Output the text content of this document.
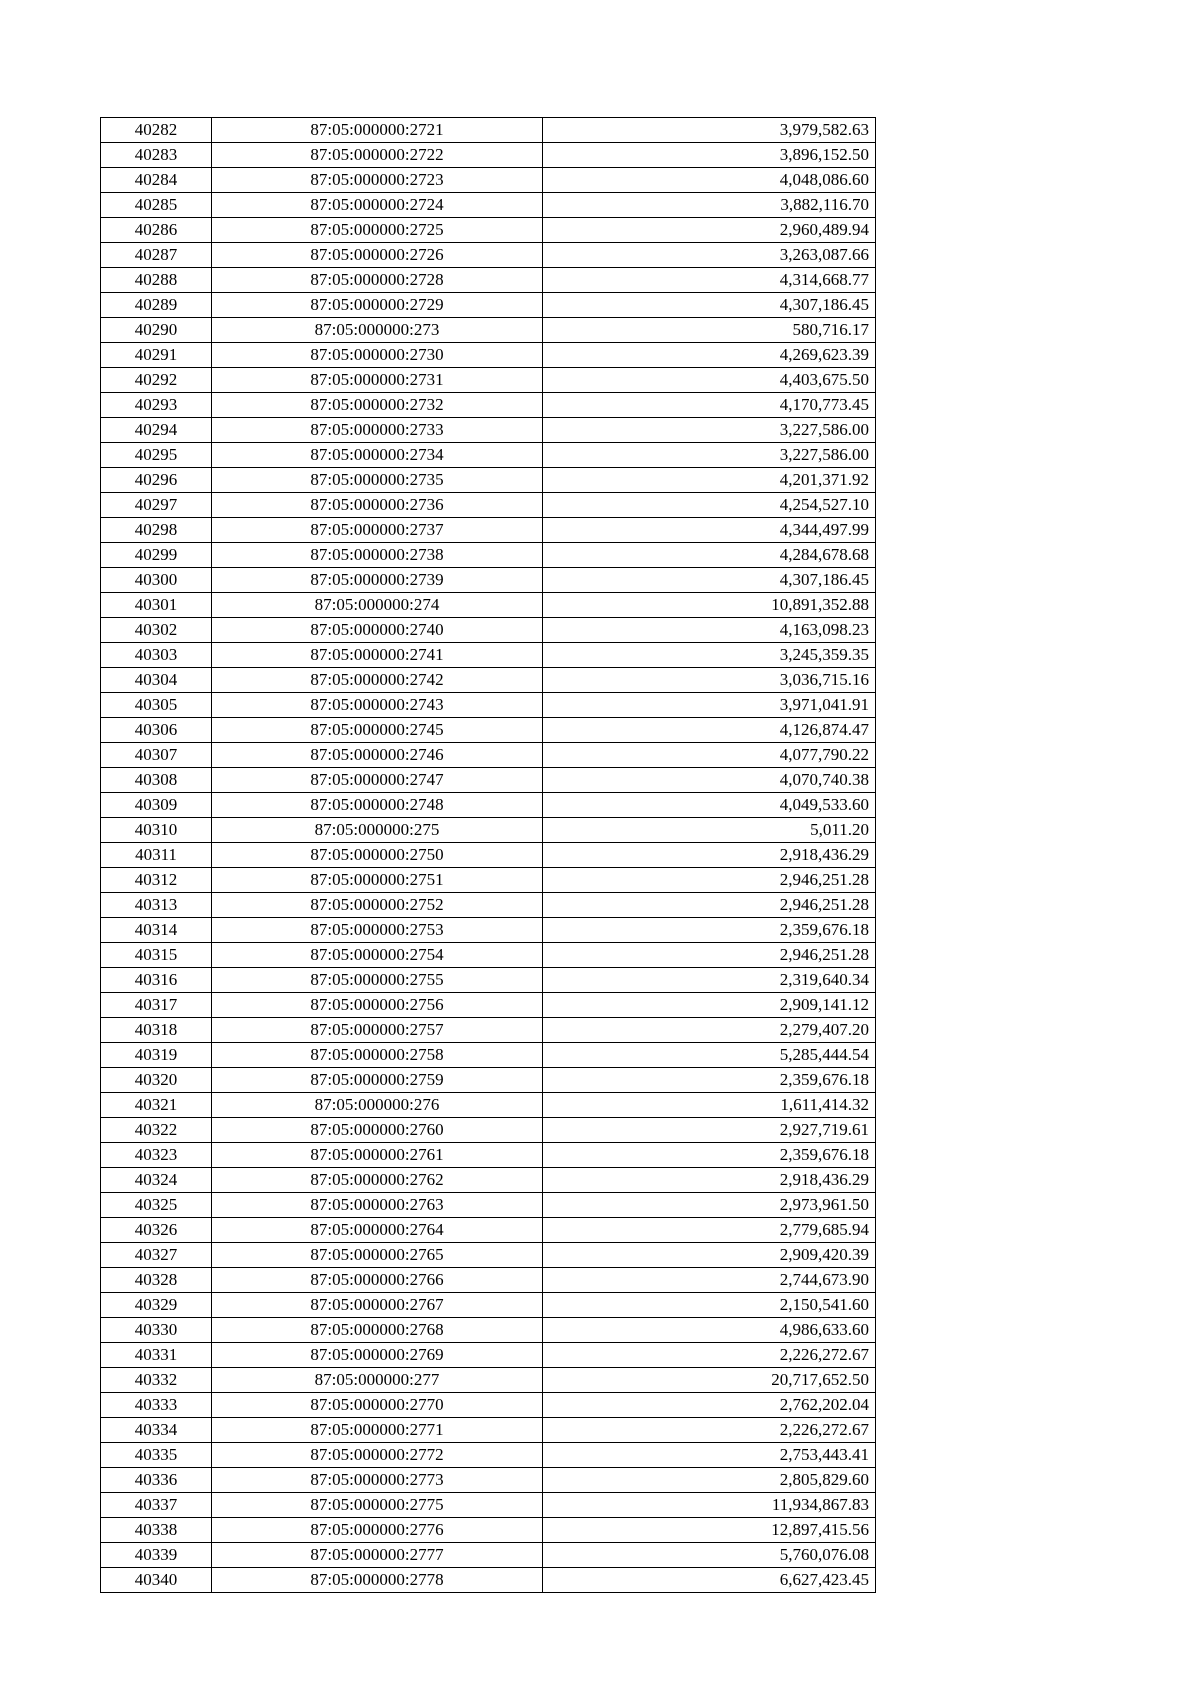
40282	87:05:000000:2721	3,979,582.63
40283	87:05:000000:2722	3,896,152.50
40284	87:05:000000:2723	4,048,086.60
40285	87:05:000000:2724	3,882,116.70
40286	87:05:000000:2725	2,960,489.94
40287	87:05:000000:2726	3,263,087.66
40288	87:05:000000:2728	4,314,668.77
40289	87:05:000000:2729	4,307,186.45
40290	87:05:000000:273	580,716.17
40291	87:05:000000:2730	4,269,623.39
40292	87:05:000000:2731	4,403,675.50
40293	87:05:000000:2732	4,170,773.45
40294	87:05:000000:2733	3,227,586.00
40295	87:05:000000:2734	3,227,586.00
40296	87:05:000000:2735	4,201,371.92
40297	87:05:000000:2736	4,254,527.10
40298	87:05:000000:2737	4,344,497.99
40299	87:05:000000:2738	4,284,678.68
40300	87:05:000000:2739	4,307,186.45
40301	87:05:000000:274	10,891,352.88
40302	87:05:000000:2740	4,163,098.23
40303	87:05:000000:2741	3,245,359.35
40304	87:05:000000:2742	3,036,715.16
40305	87:05:000000:2743	3,971,041.91
40306	87:05:000000:2745	4,126,874.47
40307	87:05:000000:2746	4,077,790.22
40308	87:05:000000:2747	4,070,740.38
40309	87:05:000000:2748	4,049,533.60
40310	87:05:000000:275	5,011.20
40311	87:05:000000:2750	2,918,436.29
40312	87:05:000000:2751	2,946,251.28
40313	87:05:000000:2752	2,946,251.28
40314	87:05:000000:2753	2,359,676.18
40315	87:05:000000:2754	2,946,251.28
40316	87:05:000000:2755	2,319,640.34
40317	87:05:000000:2756	2,909,141.12
40318	87:05:000000:2757	2,279,407.20
40319	87:05:000000:2758	5,285,444.54
40320	87:05:000000:2759	2,359,676.18
40321	87:05:000000:276	1,611,414.32
40322	87:05:000000:2760	2,927,719.61
40323	87:05:000000:2761	2,359,676.18
40324	87:05:000000:2762	2,918,436.29
40325	87:05:000000:2763	2,973,961.50
40326	87:05:000000:2764	2,779,685.94
40327	87:05:000000:2765	2,909,420.39
40328	87:05:000000:2766	2,744,673.90
40329	87:05:000000:2767	2,150,541.60
40330	87:05:000000:2768	4,986,633.60
40331	87:05:000000:2769	2,226,272.67
40332	87:05:000000:277	20,717,652.50
40333	87:05:000000:2770	2,762,202.04
40334	87:05:000000:2771	2,226,272.67
40335	87:05:000000:2772	2,753,443.41
40336	87:05:000000:2773	2,805,829.60
40337	87:05:000000:2775	11,934,867.83
40338	87:05:000000:2776	12,897,415.56
40339	87:05:000000:2777	5,760,076.08
40340	87:05:000000:2778	6,627,423.45
